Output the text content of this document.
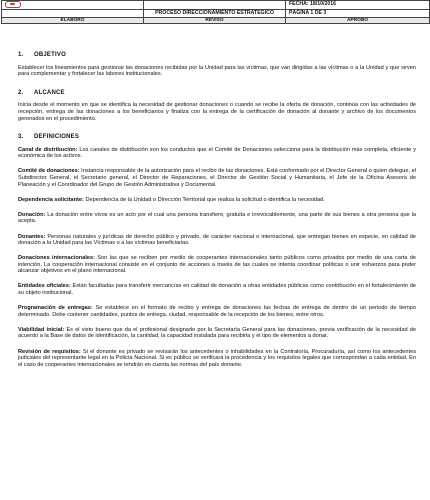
		FECHA: 18/10/2016
	PROCESO DIRECCIONAMIENTO ESTRATEGICO	PÁGINA 1 DE 3
ELABORO	REVISO	APROBO
1. OBJETIVO
Establecer los lineamientos para gestionar las donaciones recibidas por la Unidad para las víctimas, que van dirigidas a las víctimas o a la Unidad y que sirven para complementar y fortalecer las labores institucionales.
2. ALCANCE
Inicia desde el momento en que se identifica la necesidad de gestionar donaciones o cuando se recibe la oferta de donación, continúa con las actividades de recepción, entrega de las donaciones a los beneficiarios y finaliza con la entrega de la certificación de donación al donante y archivo de los documentos generados en el procedimiento.
3. DEFINICIONES
Canal de distribución: Los canales de distribución son los conductos que el Comité de Donaciones selecciona para la distribución más completa, eficiente y económica de los activos.
Comité de donaciones: Instancia responsable de la autorización para el recibo de las donaciones. Está conformado por el Director General o quien delegue, el Subdirector General, el Secretario general, el Director de Reparaciones, el Director de Gestión Social y Humanitaria, el Jefe de la Oficina Asesora de Planeación y el Coordinador del Grupo de Gestión Administrativa y Documental.
Dependencia solicitante: Dependencia de la Unidad o Dirección Territorial que realiza la solicitud o identifica la necesidad.
Donación: La donación entre vivos es un acto por el cual una persona transfiere, gratuita e irrevocablemente, una parte de sus bienes a otra persona que la acepta.
Donantes: Personas naturales y jurídicas de derecho público y privado, de carácter nacional o internacional, que entregan bienes en especie, en calidad de donación a la Unidad para las Víctimas o a las víctimas beneficiarias.
Donaciones internacionales: Son las que se reciben por medio de cooperantes internacionales tanto públicos como privados por medio de una carta de intención. La cooperación internacional consiste en el conjunto de acciones a través de las cuales se intenta coordinar políticas o unir esfuerzos para poder alcanzar objetivos en el plano internacional.
Entidades oficiales: Están facultadas para transferir mercancías en calidad de donación a otras entidades públicas como contribución en el fortalecimiento de su objeto institucional.
Programación de entregas: Se establece en el formato de recibo y entrega de donaciones las fechas de entrega de dentro de un periodo de tiempo determinado. Debe contener cantidades, puntos de entrega, ciudad, responsable de la recepción de los bienes, entre otros.
Viabilidad inicial: Es el visto bueno que da el profesional designado por la Secretaría General para las donaciones, previa verificación de la necesidad de acuerdo a la Base de datos de identificación, la cantidad, la capacidad instalada para recibirla y el tipo de elementos a donar.
Revisión de requisitos: Si el donante es privado se revisarán los antecedentes o inhabilidades en la Contraloría, Procuraduría, así como los antecedentes judiciales del representante legal en la Policía Nacional. Si es público se verificará la procedencia y los requisitos legales que correspondan a cada entidad. En el caso de cooperantes internacionales se tendrán en cuenta las normas del país donante.
